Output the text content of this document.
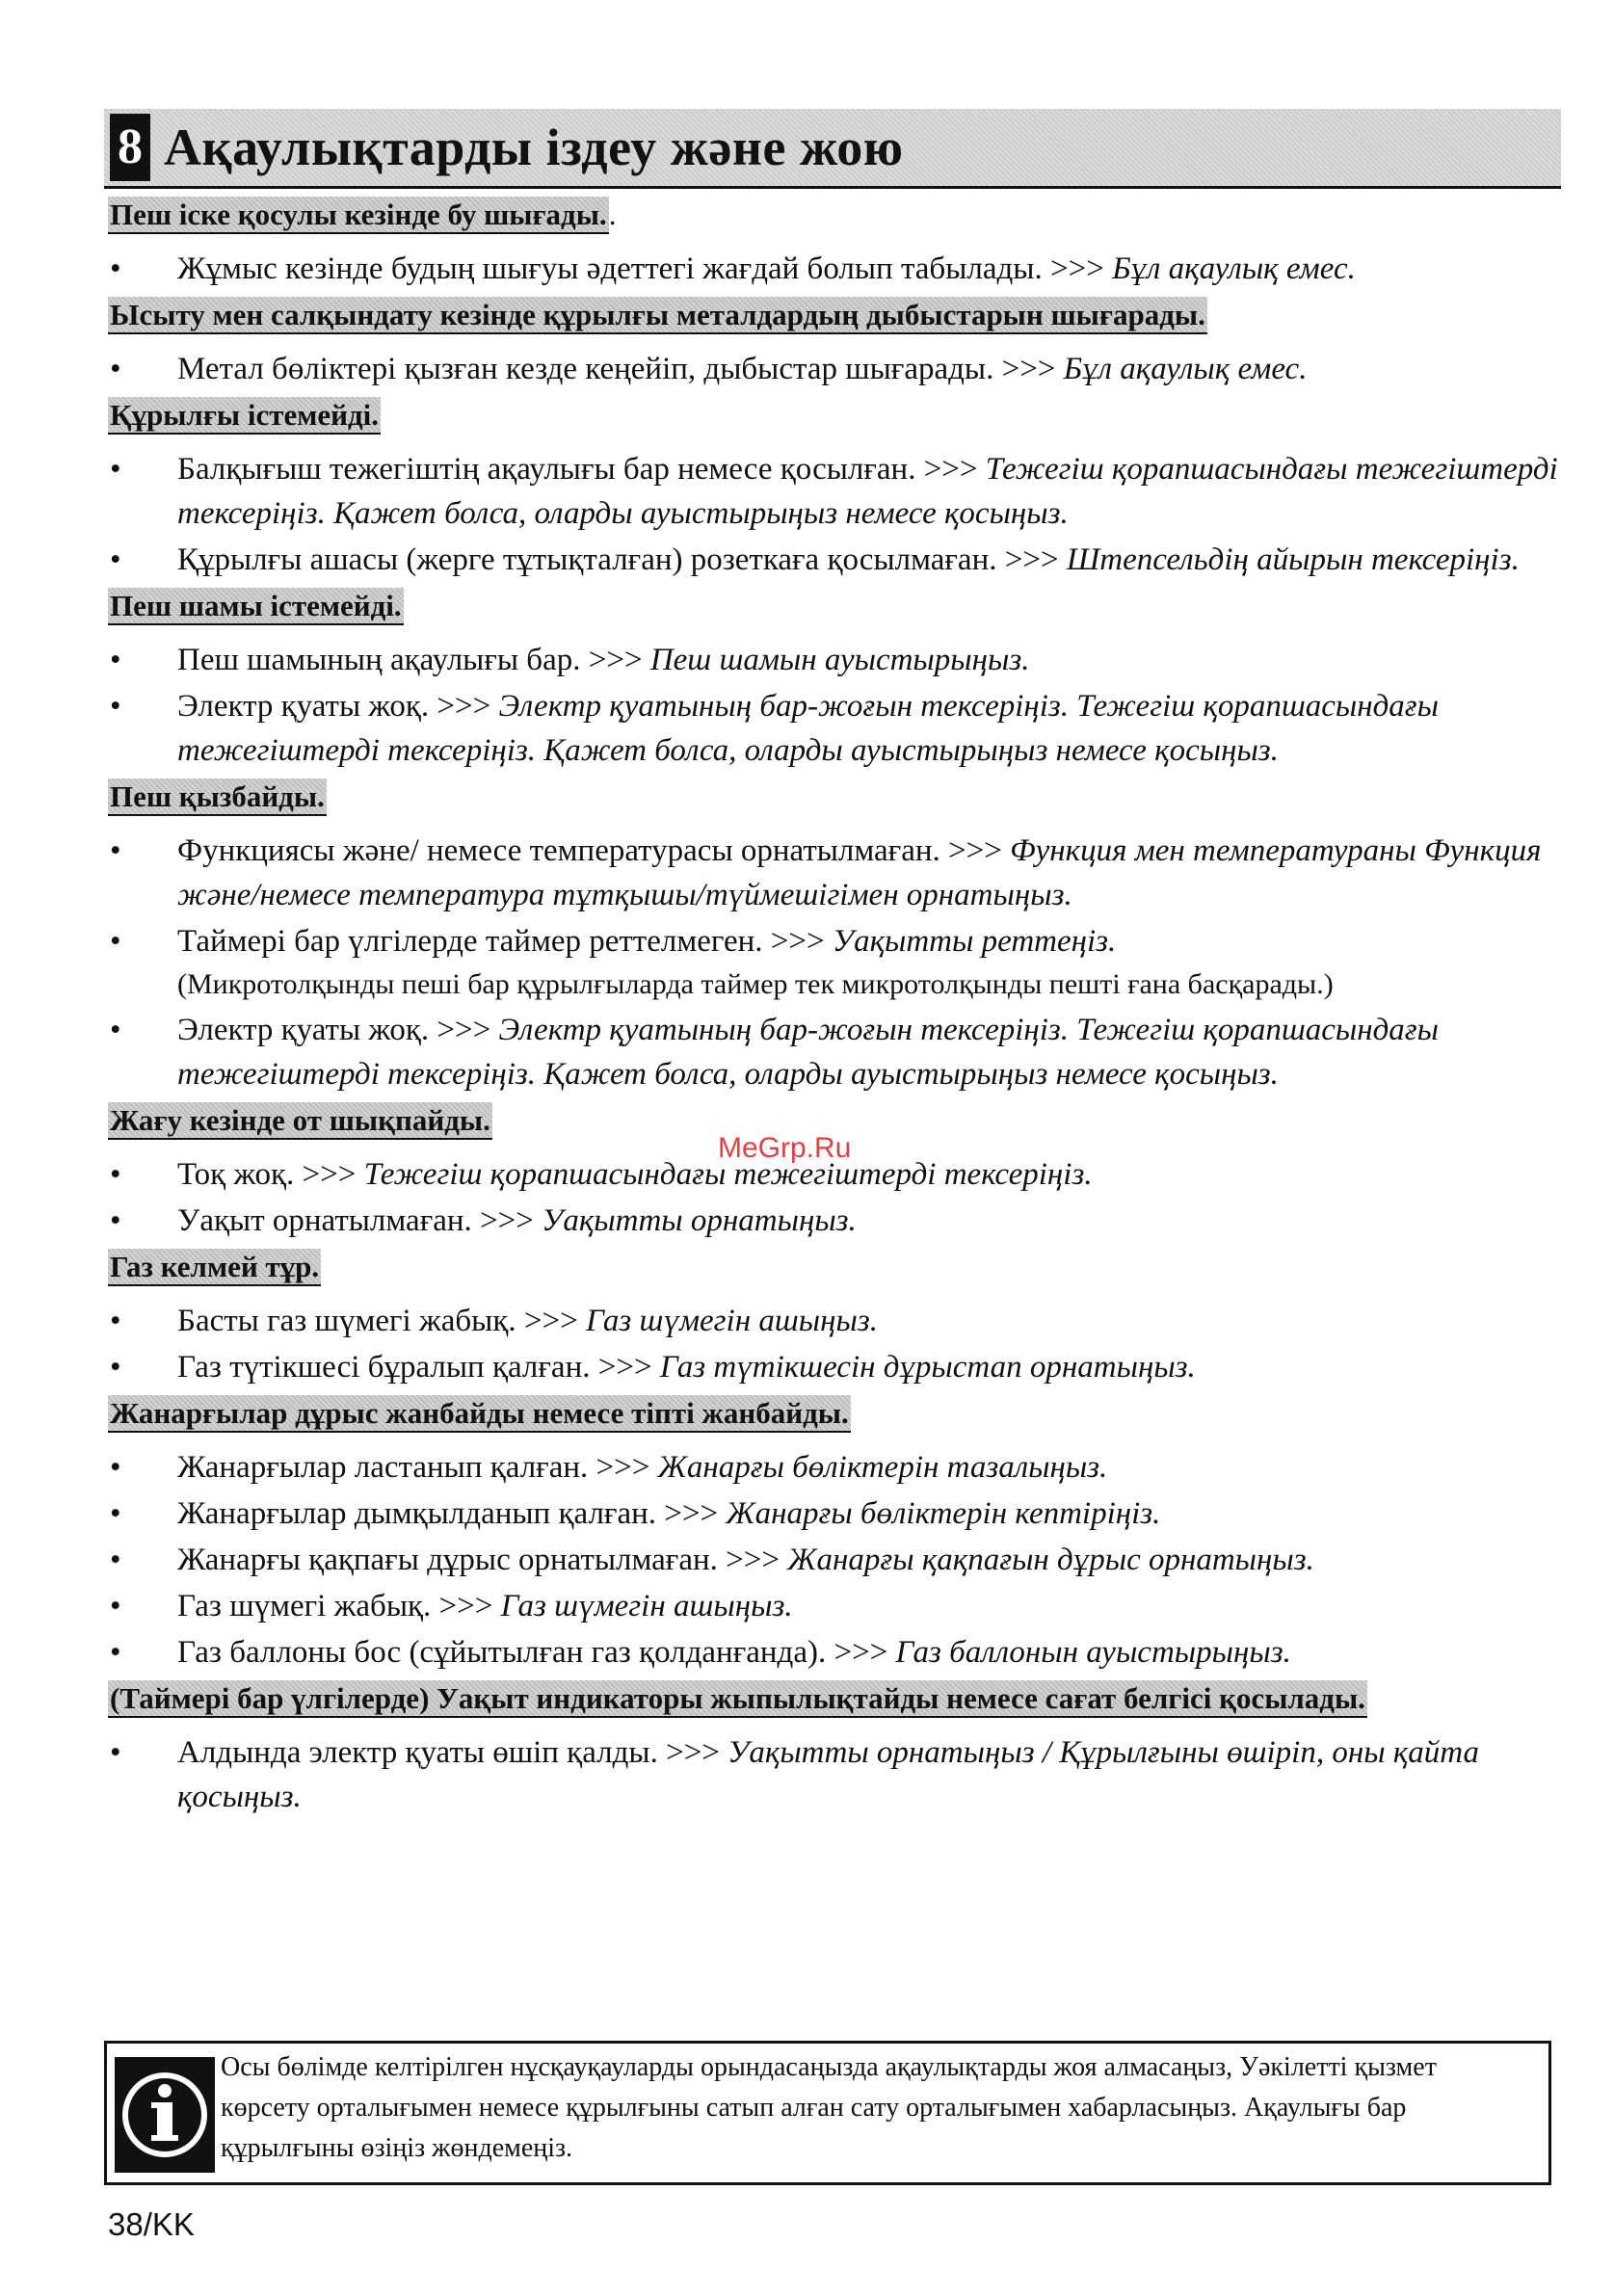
8 Ақаулықтарды іздеу және жою
Пеш іске қосулы кезінде бу шығады..
• Жұмыс кезінде будың шығуы әдеттегі жағдай болып табылады. >>> Бұл ақаулық емес.
Ысыту мен салқындату кезінде құрылғы металдардың дыбыстарын шығарады.
• Метал бөліктері қызған кезде кеңейіп, дыбыстар шығарады. >>> Бұл ақаулық емес.
Құрылғы істемейді.
• Балқығыш тежегіштің ақаулығы бар немесе қосылған. >>> Тежегіш қорапшасындағы тежегіштерді тексеріңіз. Қажет болса, оларды ауыстырыңыз немесе қосыңыз.
• Құрылғы ашасы (жерге тұтықталған) розеткаға қосылмаған. >>> Штепсельдің айырын тексеріңіз.
Пеш шамы істемейді.
• Пеш шамының ақаулығы бар. >>> Пеш шамын ауыстырыңыз.
• Электр қуаты жоқ. >>> Электр қуатының бар-жоғын тексеріңіз. Тежегіш қорапшасындағы тежегіштерді тексеріңіз. Қажет болса, оларды ауыстырыңыз немесе қосыңыз.
Пеш қызбайды.
• Функциясы және/ немесе температурасы орнатылмаған. >>> Функция мен температураны Функция және/немесе температура тұтқышы/түймешігімен орнатыңыз.
• Таймері бар үлгілерде таймер реттелмеген. >>> Уақытты реттеңіз.
(Микротолқынды пеші бар құрылғыларда таймер тек микротолқынды пешті ғана басқарады.)
• Электр қуаты жоқ. >>> Электр қуатының бар-жоғын тексеріңіз. Тежегіш қорапшасындағы тежегіштерді тексеріңіз. Қажет болса, оларды ауыстырыңыз немесе қосыңыз.
Жағу кезінде от шықпайды.
• Тоқ жоқ. >>> Тежегіш қорапшасындағы тежегіштерді тексеріңіз.
• Уақыт орнатылмаған. >>> Уақытты орнатыңыз.
Газ келмей тұр.
• Басты газ шүмегі жабық. >>> Газ шүмегін ашыңыз.
• Газ түтікшесі бұралып қалған. >>> Газ түтікшесін дұрыстап орнатыңыз.
Жанарғылар дұрыс жанбайды немесе тіпті жанбайды.
• Жанарғылар ластанып қалған. >>> Жанарғы бөліктерін тазалыңыз.
• Жанарғылар дымқылданып қалған. >>> Жанарғы бөліктерін кептіріңіз.
• Жанарғы қақпағы дұрыс орнатылмаған. >>> Жанарғы қақпағын дұрыс орнатыңыз.
• Газ шүмегі жабық. >>> Газ шүмегін ашыңыз.
• Газ баллоны бос (сұйытылған газ қолданғанда). >>> Газ баллонын ауыстырыңыз.
(Таймері бар үлгілерде) Уақыт индикаторы жыпылықтайды немесе сағат белгісі қосылады.
• Алдында электр қуаты өшіп қалды. >>> Уақытты орнатыңыз / Құрылғыны өшіріп, оны қайта қосыңыз.
MeGrp.Ru
Осы бөлімде келтірілген нұсқауқауларды орындасаңызда ақаулықтарды жоя алмасаңыз, Уәкілетті қызмет көрсету орталығымен немесе құрылғыны сатып алған сату орталығымен хабарласыңыз. Ақаулығы бар құрылғыны өзіңіз жөндемеңіз.
38/KK
